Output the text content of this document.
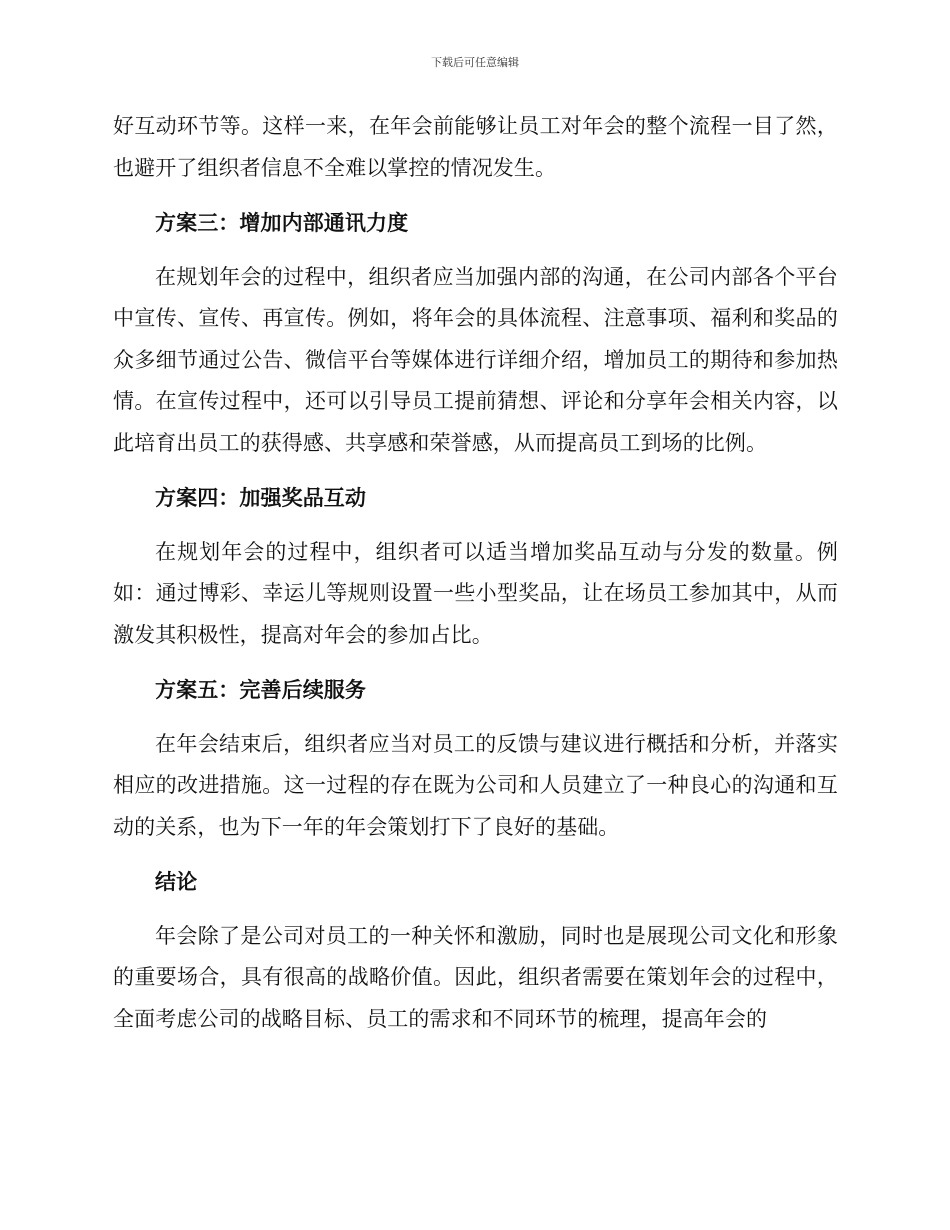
下载后可任意编辑

好互动环节等。这样一来，在年会前能够让员工对年会的整个流程一目了然，也避开了组织者信息不全难以掌控的情况发生。

方案三：增加内部通讯力度

在规划年会的过程中，组织者应当加强内部的沟通，在公司内部各个平台中宣传、宣传、再宣传。例如，将年会的具体流程、注意事项、福利和奖品的众多细节通过公告、微信平台等媒体进行详细介绍，增加员工的期待和参加热情。在宣传过程中，还可以引导员工提前猜想、评论和分享年会相关内容，以此培育出员工的获得感、共享感和荣誉感，从而提高员工到场的比例。

方案四：加强奖品互动

在规划年会的过程中，组织者可以适当增加奖品互动与分发的数量。例如：通过博彩、幸运儿等规则设置一些小型奖品，让在场员工参加其中，从而激发其积极性，提高对年会的参加占比。

方案五：完善后续服务

在年会结束后，组织者应当对员工的反馈与建议进行概括和分析，并落实相应的改进措施。这一过程的存在既为公司和人员建立了一种良心的沟通和互动的关系，也为下一年的年会策划打下了良好的基础。

结论

年会除了是公司对员工的一种关怀和激励，同时也是展现公司文化和形象的重要场合，具有很高的战略价值。因此，组织者需要在策划年会的过程中，全面考虑公司的战略目标、员工的需求和不同环节的梳理，提高年会的
